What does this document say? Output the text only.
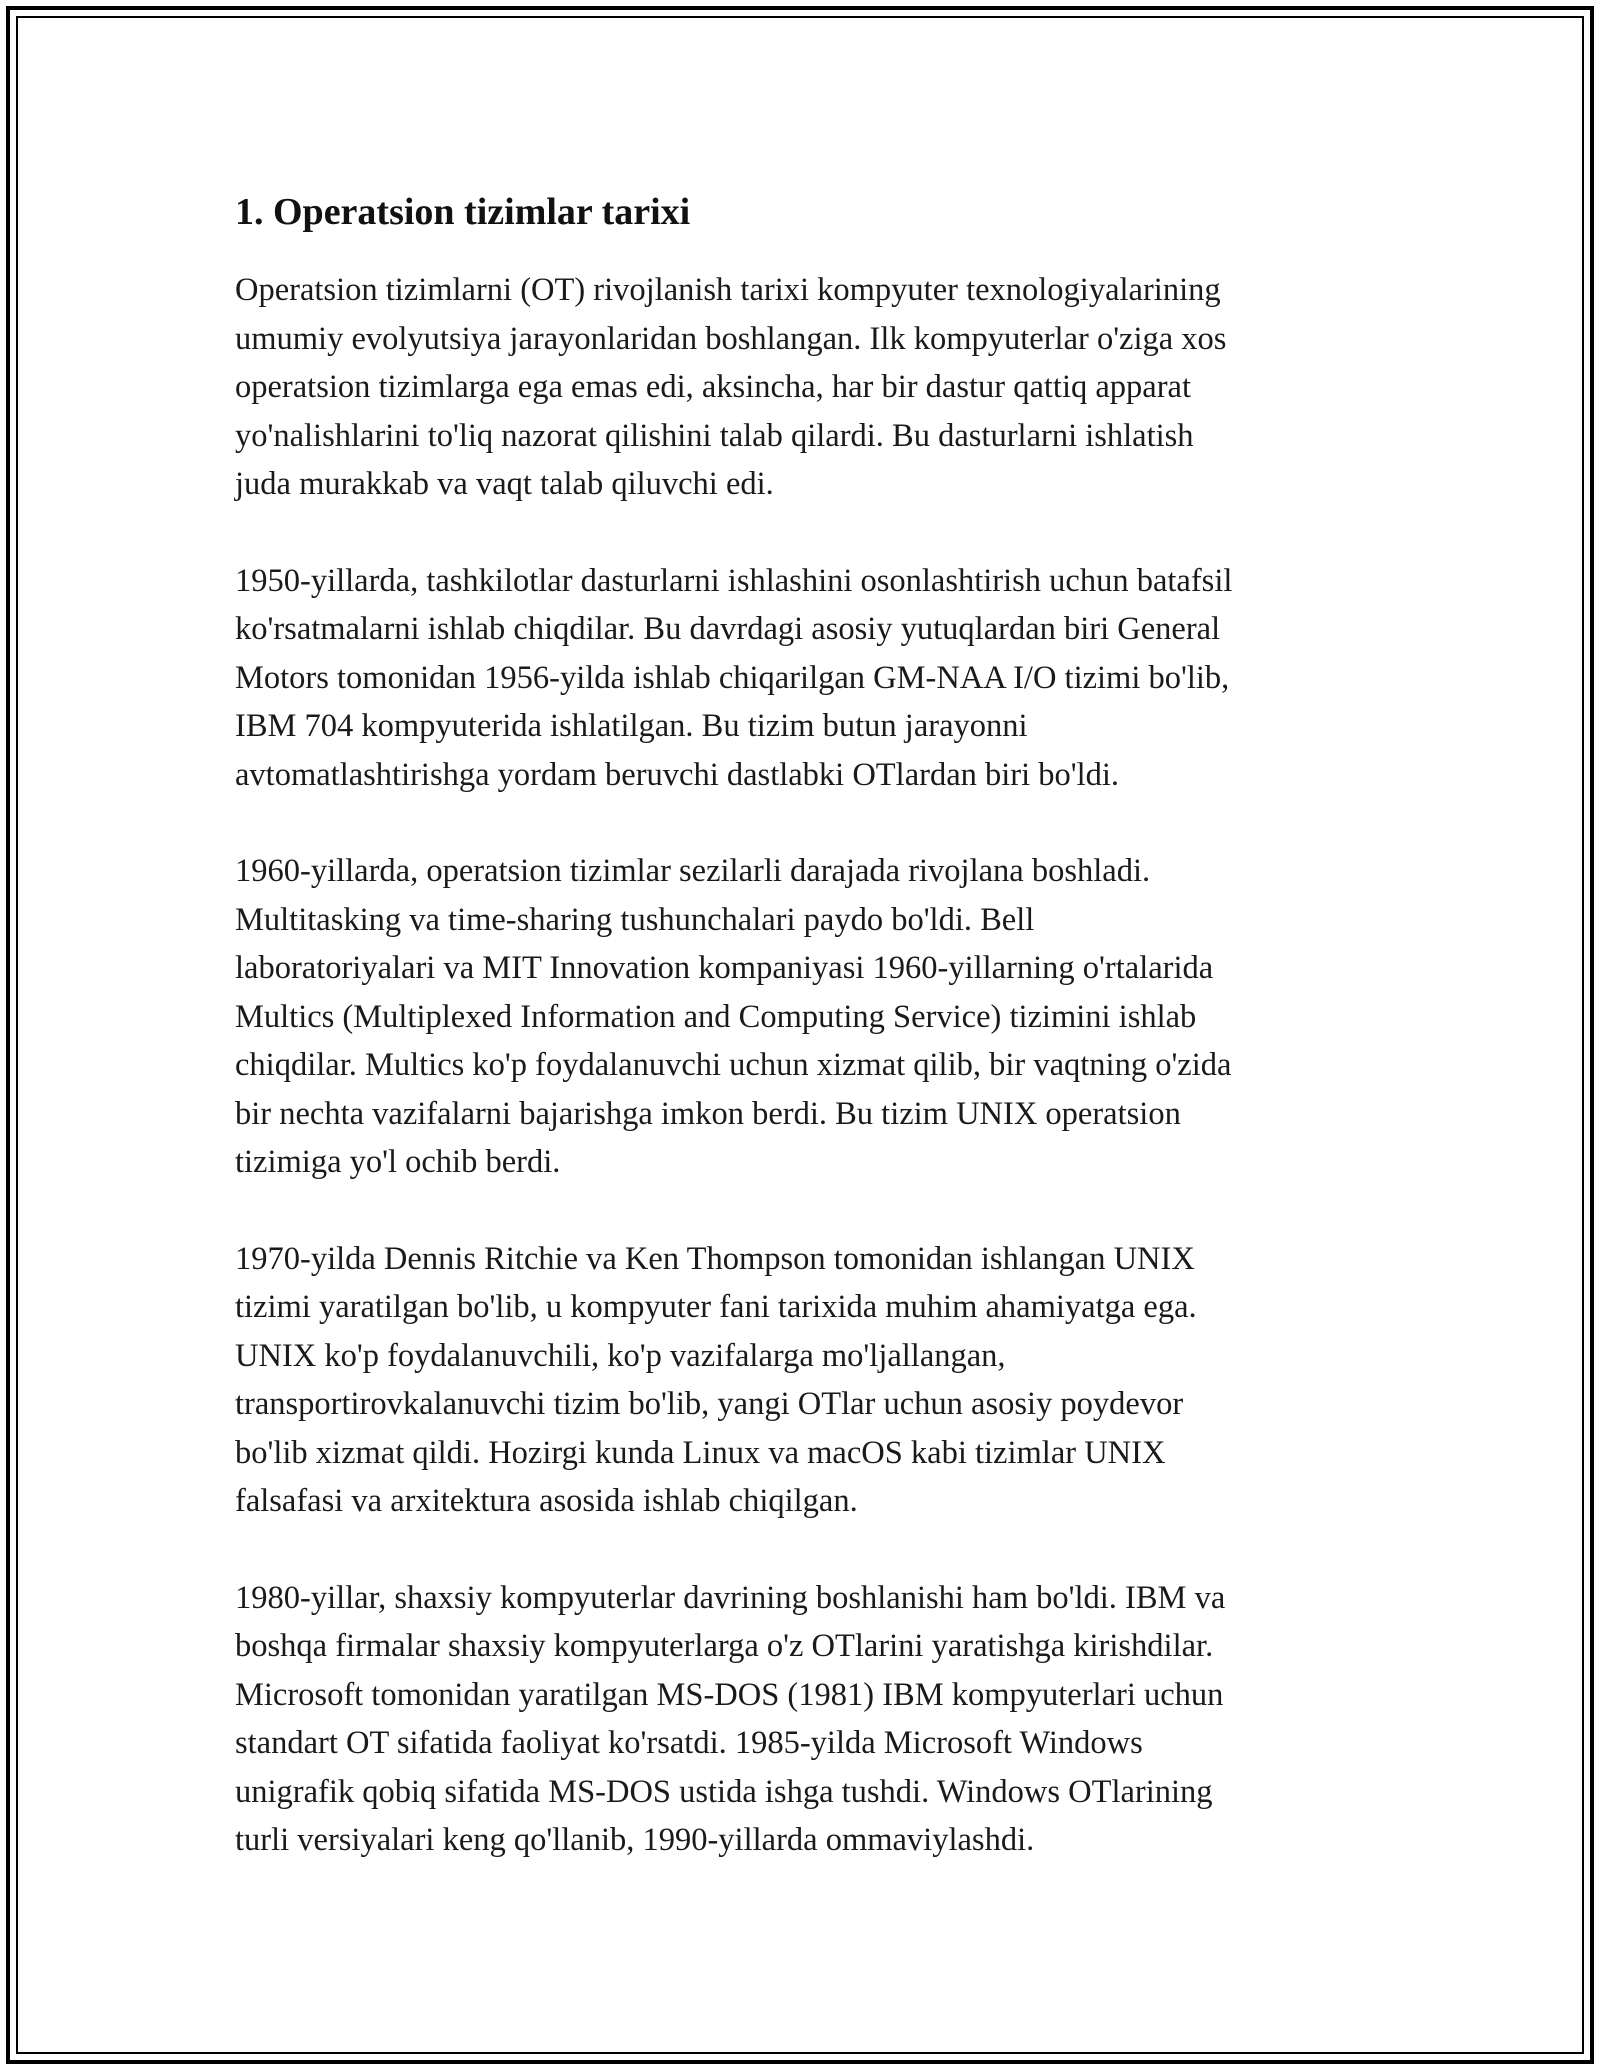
1. Operatsion tizimlar tarixi

Operatsion tizimlarni (OT) rivojlanish tarixi kompyuter texnologiyalarining
umumiy evolyutsiya jarayonlaridan boshlangan. Ilk kompyuterlar o'ziga xos
operatsion tizimlarga ega emas edi, aksincha, har bir dastur qattiq apparat
yo'nalishlarini to'liq nazorat qilishini talab qilardi. Bu dasturlarni ishlatish
juda murakkab va vaqt talab qiluvchi edi.

1950-yillarda, tashkilotlar dasturlarni ishlashini osonlashtirish uchun batafsil
ko'rsatmalarni ishlab chiqdilar. Bu davrdagi asosiy yutuqlardan biri General
Motors tomonidan 1956-yilda ishlab chiqarilgan GM-NAA I/O tizimi bo'lib,
IBM 704 kompyuterida ishlatilgan. Bu tizim butun jarayonni
avtomatlashtirishga yordam beruvchi dastlabki OTlardan biri bo'ldi.

1960-yillarda, operatsion tizimlar sezilarli darajada rivojlana boshladi.
Multitasking va time-sharing tushunchalari paydo bo'ldi. Bell
laboratoriyalari va MIT Innovation kompaniyasi 1960-yillarning o'rtalarida
Multics (Multiplexed Information and Computing Service) tizimini ishlab
chiqdilar. Multics ko'p foydalanuvchi uchun xizmat qilib, bir vaqtning o'zida
bir nechta vazifalarni bajarishga imkon berdi. Bu tizim UNIX operatsion
tizimiga yo'l ochib berdi.

1970-yilda Dennis Ritchie va Ken Thompson tomonidan ishlangan UNIX
tizimi yaratilgan bo'lib, u kompyuter fani tarixida muhim ahamiyatga ega.
UNIX ko'p foydalanuvchili, ko'p vazifalarga mo'ljallangan,
transportirovkalanuvchi tizim bo'lib, yangi OTlar uchun asosiy poydevor
bo'lib xizmat qildi. Hozirgi kunda Linux va macOS kabi tizimlar UNIX
falsafasi va arxitektura asosida ishlab chiqilgan.

1980-yillar, shaxsiy kompyuterlar davrining boshlanishi ham bo'ldi. IBM va
boshqa firmalar shaxsiy kompyuterlarga o'z OTlarini yaratishga kirishdilar.
Microsoft tomonidan yaratilgan MS-DOS (1981) IBM kompyuterlari uchun
standart OT sifatida faoliyat ko'rsatdi. 1985-yilda Microsoft Windows
unigrafik qobiq sifatida MS-DOS ustida ishga tushdi. Windows OTlarining
turli versiyalari keng qo'llanib, 1990-yillarda ommaviylashdi.
